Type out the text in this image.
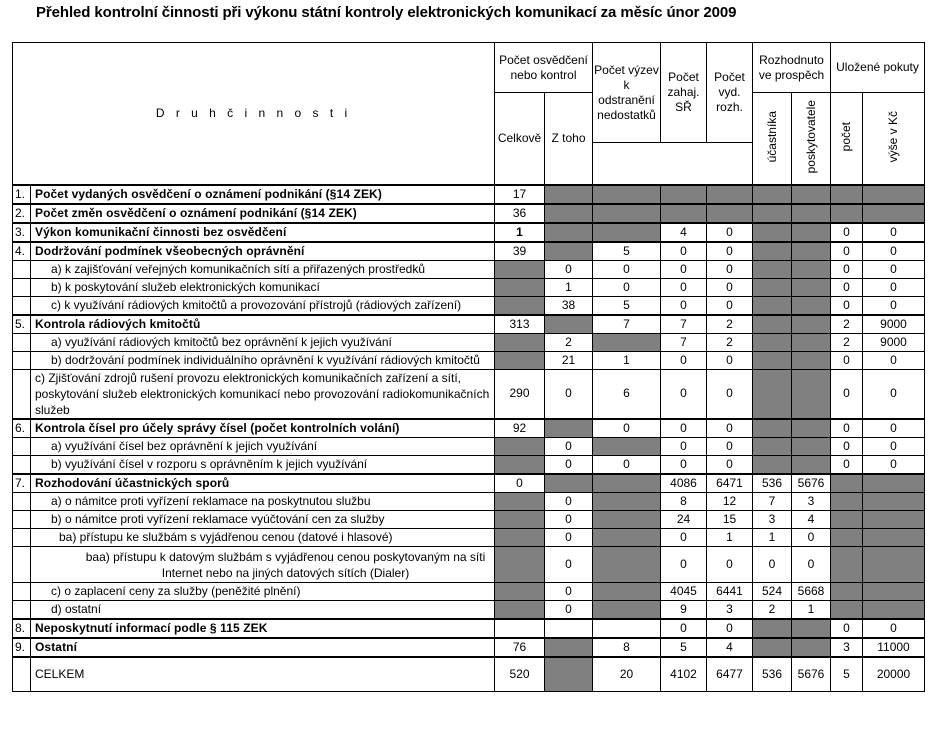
Přehled kontrolní činnosti při výkonu státní kontroly elektronických komunikací za měsíc únor 2009
D r u h č i n n o s t i		Počet osvědčení nebo kontrol		Počet výzev k odstranění nedostatků	Počet zahaj. SŘ	Počet vyd. rozh.	Rozhodnuto ve prospěch		Uložené pokuty	
		Celkově	Z toho				účastníka	poskytovatele	počet	výše v Kč

1.	Počet vydaných osvědčení o oznámení podnikání (§14 ZEK)	17								
2.	Počet změn osvědčení o oznámení podnikání (§14 ZEK)	36								
3.	Výkon komunikační činnosti bez osvědčení	1			4	0			0	0
4.	Dodržování podmínek všeobecných oprávnění	39		5	0	0			0	0
	a) k zajišťování veřejných komunikačních sítí a přiřazených prostředků		0	0	0	0			0	0
	b) k poskytování služeb elektronických komunikací		1	0	0	0			0	0
	c) k využívání rádiových kmitočtů a provozování přístrojů (rádiových zařízení)		38	5	0	0			0	0
5.	Kontrola rádiových kmitočtů	313		7	7	2			2	9000
	a) využívání rádiových kmitočtů bez oprávnění k jejich využívání		2		7	2			2	9000
	b) dodržování podmínek individuálního oprávnění k využívání rádiových kmitočtů		21	1	0	0			0	0
	c) Zjišťování zdrojů rušení provozu elektronických komunikačních zařízení a sítí, poskytování služeb elektronických komunikací nebo provozování radiokomunikačních služeb	290	0	6	0	0			0	0
6.	Kontrola čísel pro účely správy čísel (počet kontrolních volání)	92		0	0	0			0	0
	a) využívání čísel bez oprávnění k jejich využívání		0		0	0			0	0
	b) využívání čísel v rozporu s oprávněním k jejich využívání		0	0	0	0			0	0
7.	Rozhodování účastnických sporů	0			4086	6471	536	5676		
	a) o námitce proti vyřízení reklamace na poskytnutou službu		0		8	12	7	3		
	b) o námitce proti vyřízení reklamace vyúčtování cen za služby		0		24	15	3	4		
	ba) přístupu ke službám s vyjádřenou cenou (datové i hlasové)		0		0	1	1	0		
	baa) přístupu k datovým službám s vyjádřenou cenou poskytovaným na síti Internet nebo na jiných datových sítích (Dialer)		0		0	0	0	0		
	c) o zaplacení ceny za služby (peněžité plnění)		0		4045	6441	524	5668		
	d) ostatní		0		9	3	2	1		
8.	Neposkytnutí informací podle § 115 ZEK				0	0			0	0
9.	Ostatní	76		8	5	4			3	11000
	CELKEM	520		20	4102	6477	536	5676	5	20000
